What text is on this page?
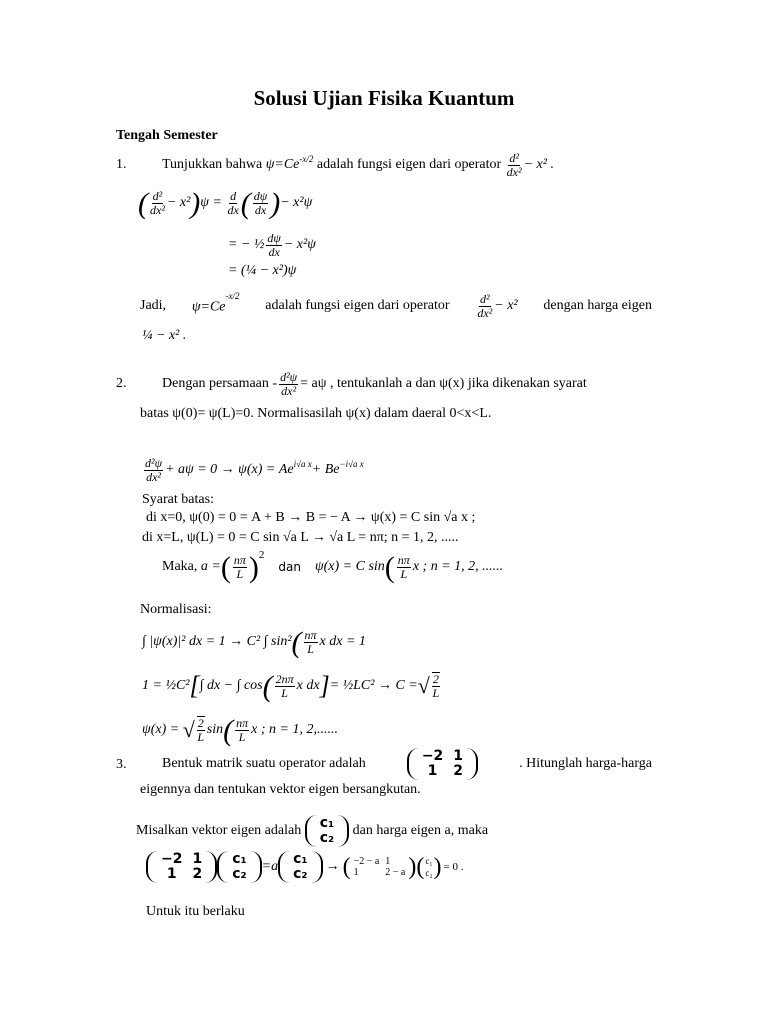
Solusi Ujian Fisika Kuantum
Tengah Semester
1.	Tunjukkan bahwa
$\psi=Ce^{-x/2}$
adalah fungsi eigen dari operator
$\frac{\text{d²}}{\text{dx²}} - x^2$ .
( $\frac{\text{d²}}{\text{dx²}} - x^2$ ) ψ =
$\frac{d}{dx}$ ( $\frac{d\psi}{dx}$ ) − x²ψ
= − ½ $\frac{d\psi}{dx} - x^2\psi$
= (¼ − x²)ψ
Jadi, $\psi=Ce^{-x/2}$
adalah fungsi eigen dari operator $\frac{\text{d²}}{\text{dx²}} - x^2$ dengan harga eigen
¼ − x² .
2.	Dengan persamaan - $\frac{\text{d²ψ}}{\text{dx²}} = a\psi$ , tentukanlah a dan ψ(x) jika dikenakan syarat
batas ψ(0)= ψ(L)=0. Normalisasilah ψ(x) dalam daeral 0<x<L.
$\frac{\text{d²ψ}}{\text{dx²}} + a\psi = 0 \to \psi(x) = Ae^{i√a x} + Be^{-i√a x}$
Syarat batas:
di x=0, ψ(0) = 0 = A + B → B = − A → ψ(x) = C sin √a x ;
di x=L, ψ(L) = 0 = C sin √a L → √a L = nπ; n = 1, 2, .....
Maka,
a = ( $\frac{n\pi}{L} )^2$

dan
ψ(x) = C sin ( $\frac{n\pi}{L}$ x ; n = 1, 2, ......
Normalisasi:
∫ |ψ(x)|² dx = 1 → C² ∫ sin² ( $\frac{n\pi}{L}$ x dx = 1
1 = ½C² [ ∫ dx − ∫ cos ( $\frac{2n\pi}{L}$ x dx ] = ½LC² → C = √ $\frac{2}{L}$
ψ(x) =
√ $\frac{2}{L}$ sin ( $\frac{n\pi}{L}$ x ; n = 1, 2,......
3.	Bentuk matrik suatu operator adalah	−2	1
1	2	. Hitunglah harga-harga
eigennya dan tentukan vektor eigen bersangkutan.
Misalkan vektor eigen adalah
c₁
c₂
dan harga eigen a, maka
−2	1
1	2
c₁
c₂ =a c₁
c₂ → ( −2 − a	1
1	2 − a ) ( c₁
c₂ ) = 0 .
Untuk itu berlaku
